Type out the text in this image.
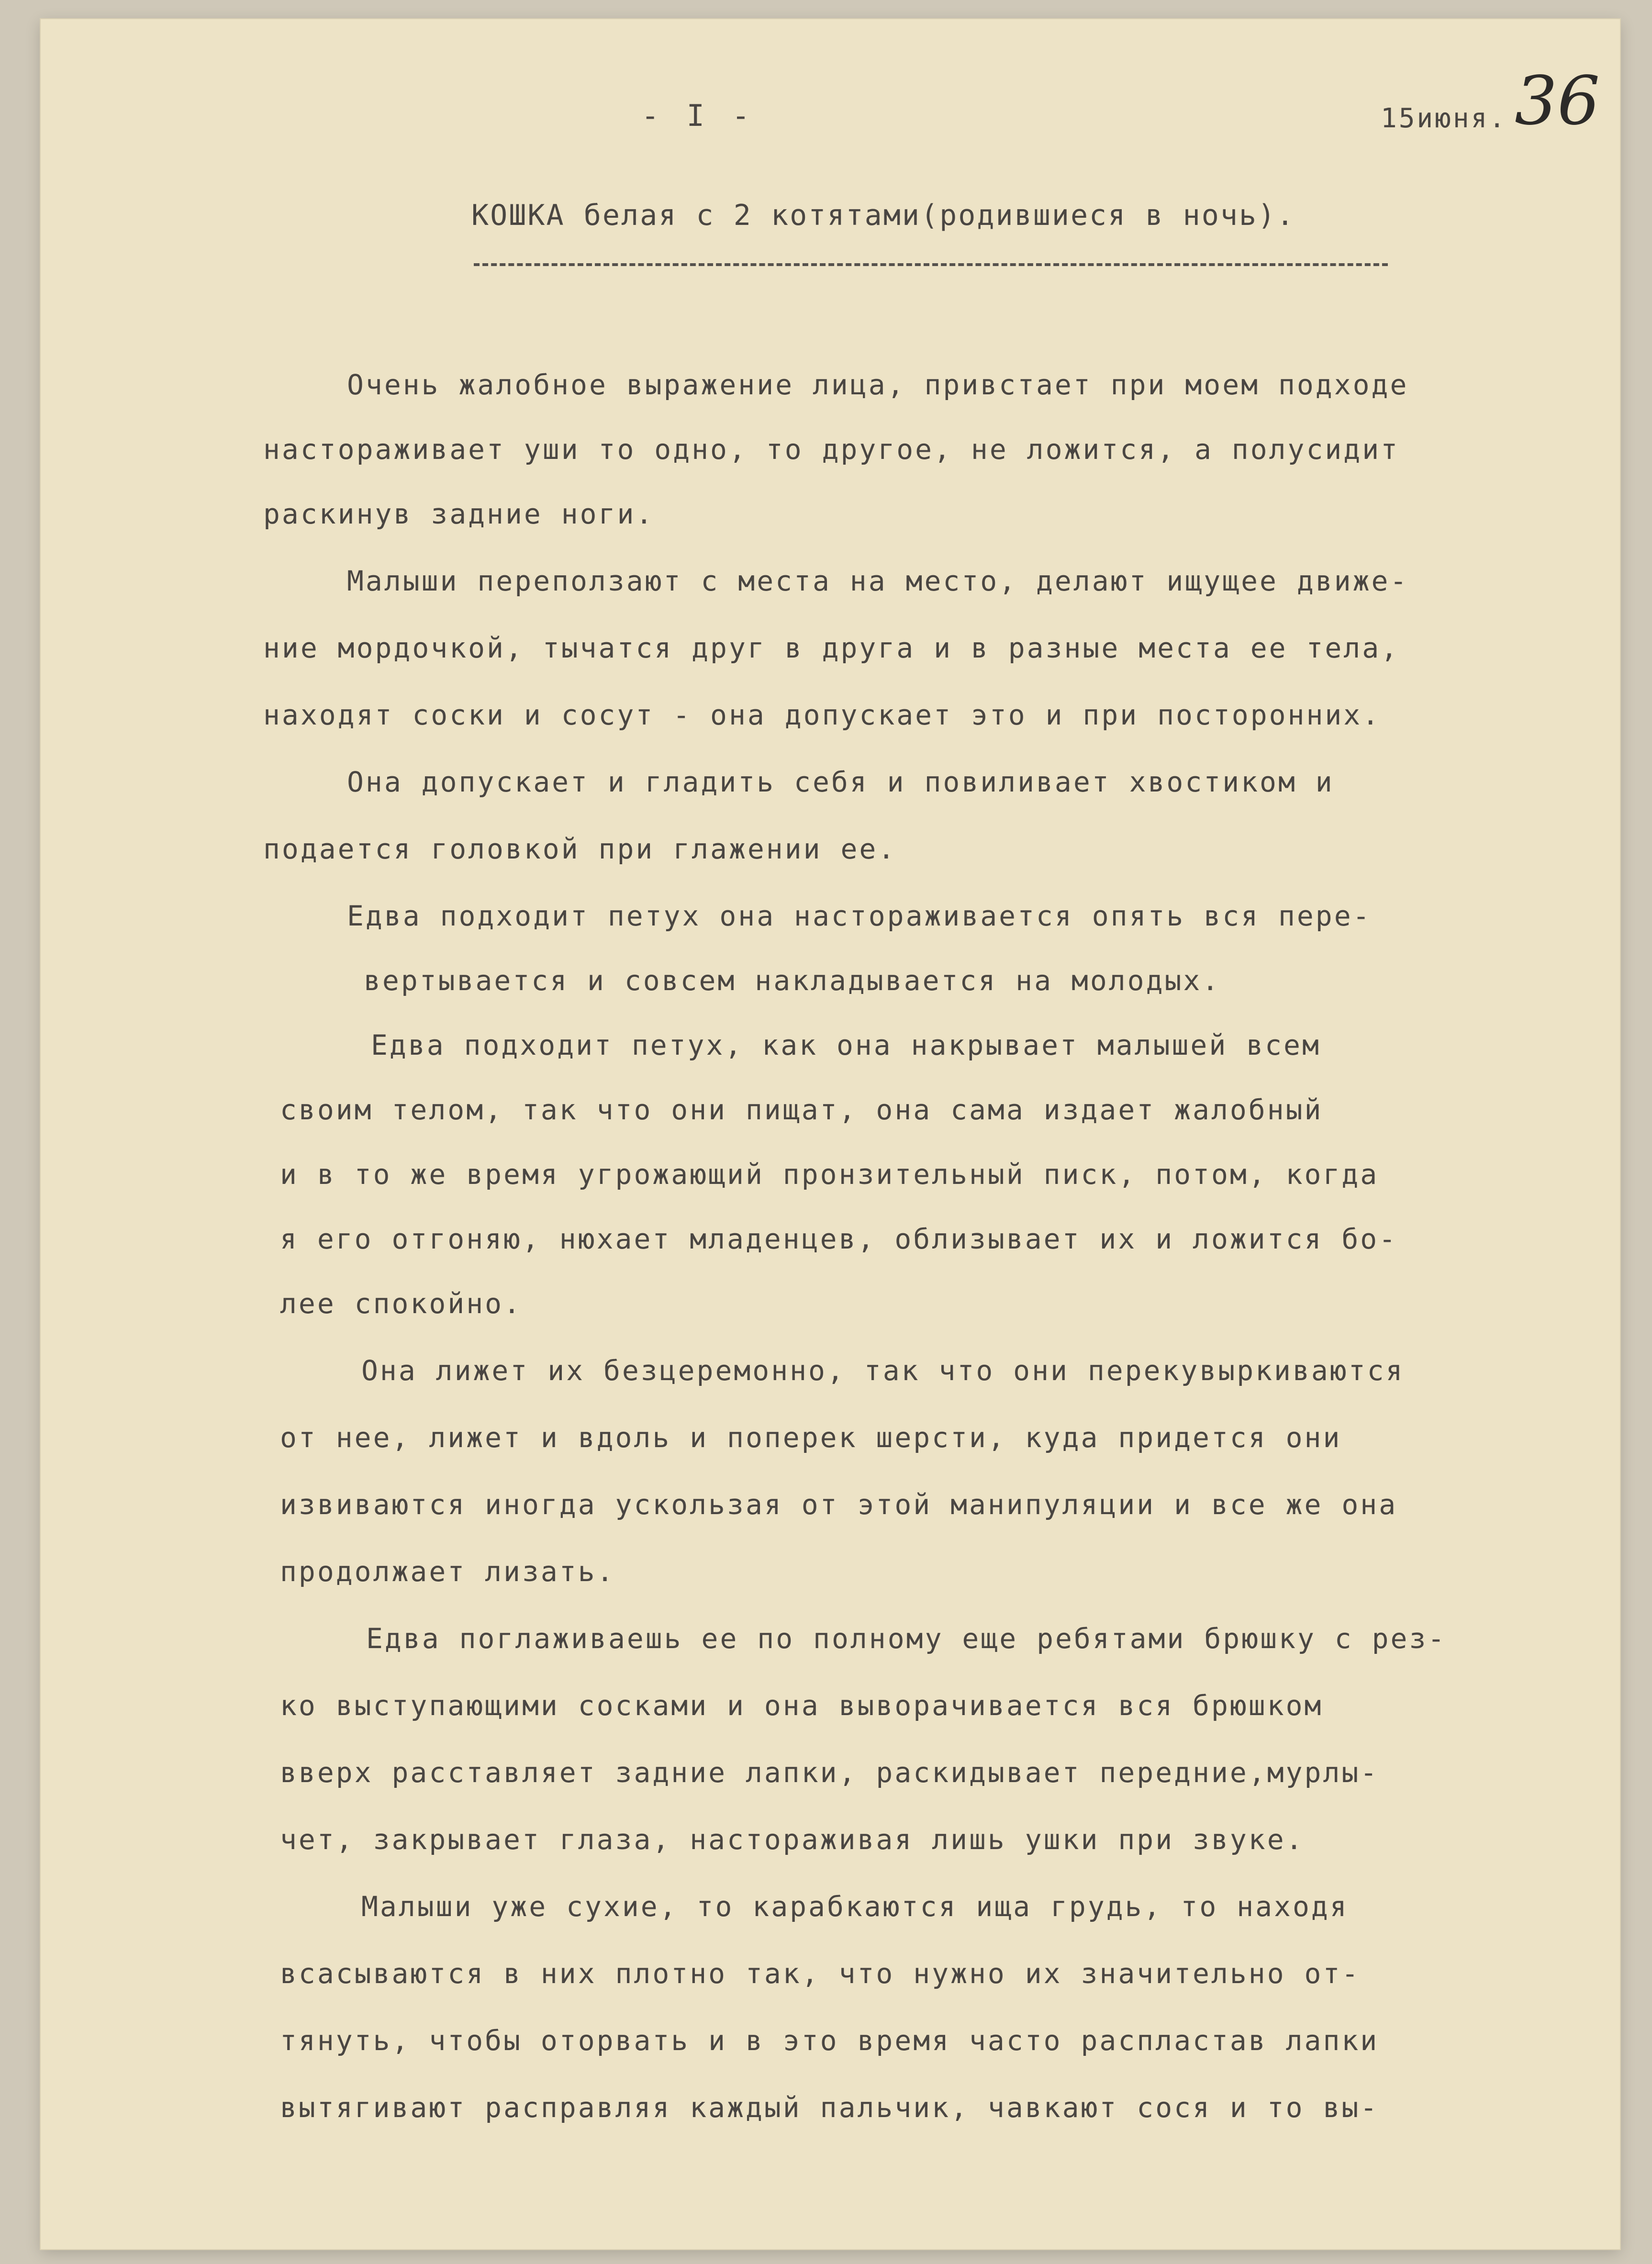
- I -	15июня. 36
КОШКА белая с 2 котятами(родившиеся в ночь).
Очень жалобное выражение лица, привстает при моем подходе
настораживает уши то одно, то другое, не ложится, а полусидит
раскинув задние ноги.
Малыши переползают с места на место, делают ищущее движе-
ние мордочкой, тычатся друг в друга и в разные места ее тела,
находят соски и сосут - она допускает это и при посторонних.
Она допускает и гладить себя и повиливает хвостиком и
подается головкой при глажении ее.
Едва подходит петух она настораживается опять вся пере-
вертывается и совсем накладывается на молодых.
Едва подходит петух, как она накрывает малышей всем
своим телом, так что они пищат, она сама издает жалобный
и в то же время угрожающий пронзительный писк, потом, когда
я его отгоняю, нюхает младенцев, облизывает их и ложится бо-
лее спокойно.
Она лижет их безцеремонно, так что они перекувыркиваются
от нее, лижет и вдоль и поперек шерсти, куда придется они
извиваются иногда ускользая от этой манипуляции и все же она
продолжает лизать.
Едва поглаживаешь ее по полному еще ребятами брюшку с рез-
ко выступающими сосками и она выворачивается вся брюшком
вверх расставляет задние лапки, раскидывает передние,мурлы-
чет, закрывает глаза, настораживая лишь ушки при звуке.
Малыши уже сухие, то карабкаются ища грудь, то находя
всасываются в них плотно так, что нужно их значительно от-
тянуть, чтобы оторвать и в это время часто распластав лапки
вытягивают расправляя каждый пальчик, чавкают сося и то вы-
